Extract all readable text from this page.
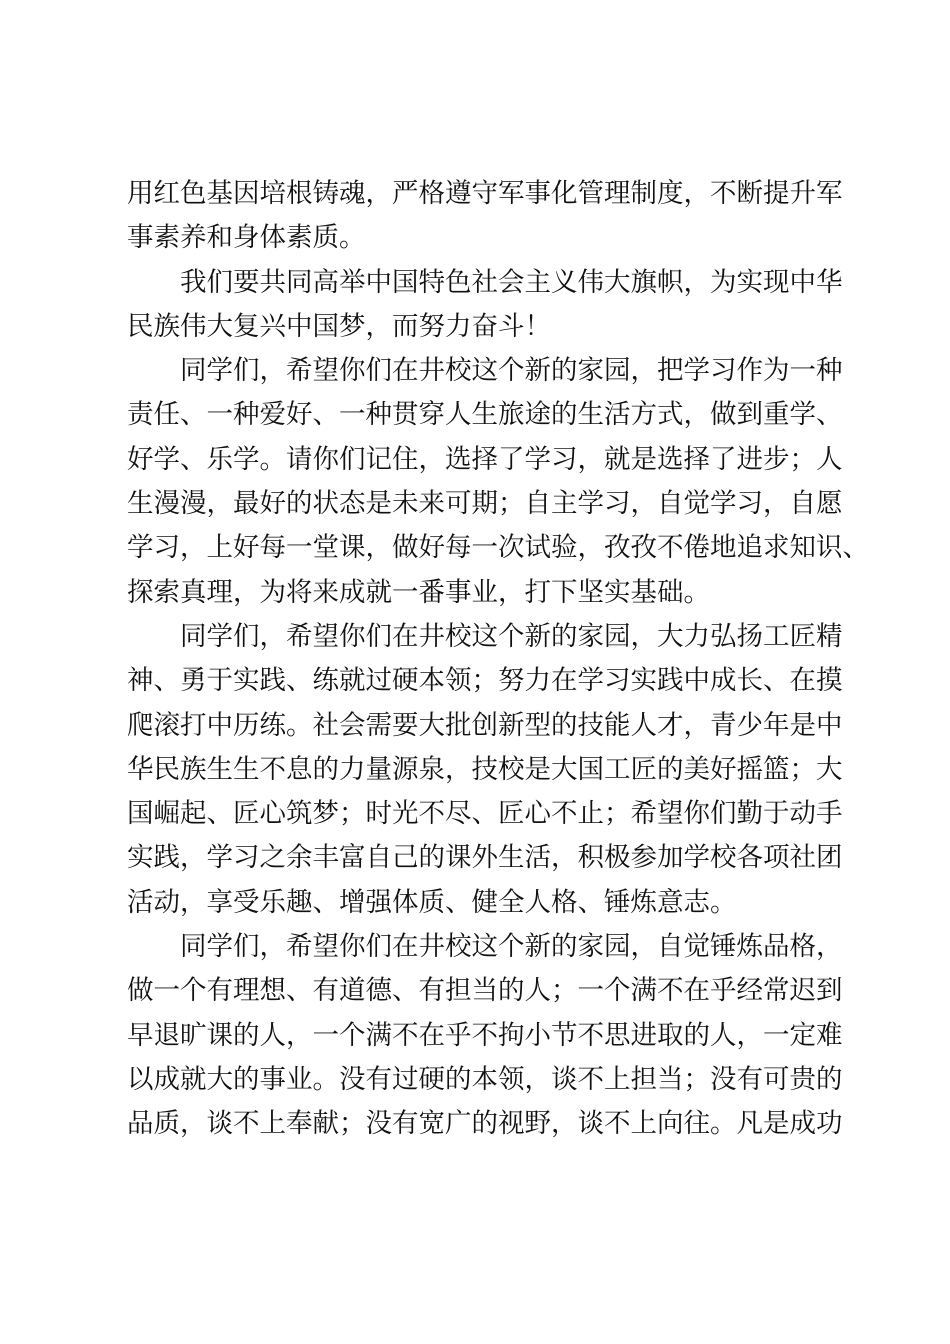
用红色基因培根铸魂，严格遵守军事化管理制度，不断提升军
事素养和身体素质。
我们要共同高举中国特色社会主义伟大旗帜，为实现中华
民族伟大复兴中国梦，而努力奋斗！
同学们，希望你们在井校这个新的家园，把学习作为一种
责任、一种爱好、一种贯穿人生旅途的生活方式，做到重学、
好学、乐学。请你们记住，选择了学习，就是选择了进步；人
生漫漫，最好的状态是未来可期；自主学习，自觉学习，自愿
学习，上好每一堂课，做好每一次试验，孜孜不倦地追求知识、
探索真理，为将来成就一番事业，打下坚实基础。
同学们，希望你们在井校这个新的家园，大力弘扬工匠精
神、勇于实践、练就过硬本领；努力在学习实践中成长、在摸
爬滚打中历练。社会需要大批创新型的技能人才，青少年是中
华民族生生不息的力量源泉，技校是大国工匠的美好摇篮；大
国崛起、匠心筑梦；时光不尽、匠心不止；希望你们勤于动手
实践，学习之余丰富自己的课外生活，积极参加学校各项社团
活动，享受乐趣、增强体质、健全人格、锤炼意志。
同学们，希望你们在井校这个新的家园，自觉锤炼品格，
做一个有理想、有道德、有担当的人；一个满不在乎经常迟到
早退旷课的人，一个满不在乎不拘小节不思进取的人，一定难
以成就大的事业。没有过硬的本领，谈不上担当；没有可贵的
品质，谈不上奉献；没有宽广的视野，谈不上向往。凡是成功
